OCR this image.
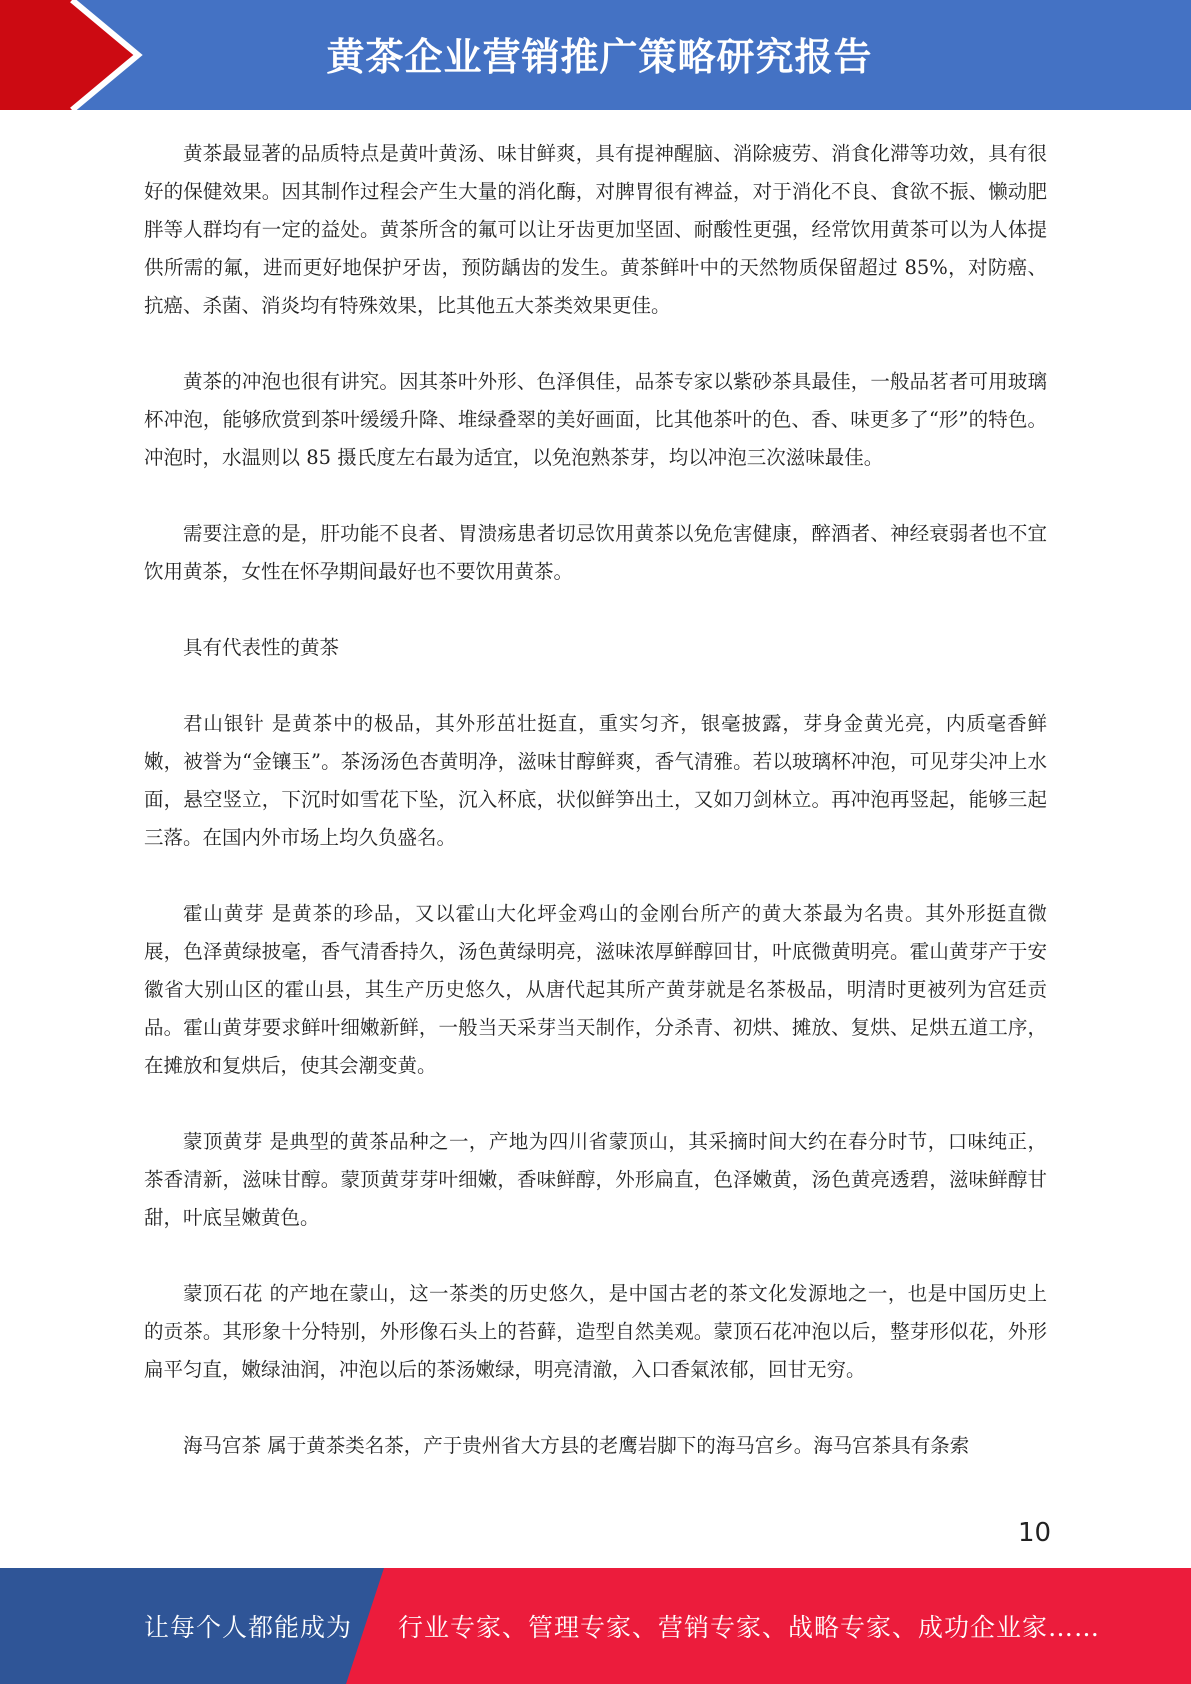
黄茶企业营销推广策略研究报告

黄茶最显著的品质特点是黄叶黄汤、味甘鲜爽，具有提神醒脑、消除疲劳、消食化滞等功效，具有很好的保健效果。因其制作过程会产生大量的消化酶，对脾胃很有裨益，对于消化不良、食欲不振、懒动肥胖等人群均有一定的益处。黄茶所含的氟可以让牙齿更加坚固、耐酸性更强，经常饮用黄茶可以为人体提供所需的氟，进而更好地保护牙齿，预防龋齿的发生。黄茶鲜叶中的天然物质保留超过 85%，对防癌、抗癌、杀菌、消炎均有特殊效果，比其他五大茶类效果更佳。

黄茶的冲泡也很有讲究。因其茶叶外形、色泽俱佳，品茶专家以紫砂茶具最佳，一般品茗者可用玻璃杯冲泡，能够欣赏到茶叶缓缓升降、堆绿叠翠的美好画面，比其他茶叶的色、香、味更多了“形”的特色。冲泡时，水温则以 85 摄氏度左右最为适宜，以免泡熟茶芽，均以冲泡三次滋味最佳。

需要注意的是，肝功能不良者、胃溃疡患者切忌饮用黄茶以免危害健康，醉酒者、神经衰弱者也不宜饮用黄茶，女性在怀孕期间最好也不要饮用黄茶。

具有代表性的黄茶

君山银针 是黄茶中的极品，其外形茁壮挺直，重实匀齐，银毫披露，芽身金黄光亮，内质毫香鲜嫩，被誉为“金镶玉”。茶汤汤色杏黄明净，滋味甘醇鲜爽，香气清雅。若以玻璃杯冲泡，可见芽尖冲上水面，悬空竖立，下沉时如雪花下坠，沉入杯底，状似鲜笋出土，又如刀剑林立。再冲泡再竖起，能够三起三落。在国内外市场上均久负盛名。

霍山黄芽 是黄茶的珍品，又以霍山大化坪金鸡山的金刚台所产的黄大茶最为名贵。其外形挺直微展，色泽黄绿披毫，香气清香持久，汤色黄绿明亮，滋味浓厚鲜醇回甘，叶底微黄明亮。霍山黄芽产于安徽省大别山区的霍山县，其生产历史悠久，从唐代起其所产黄芽就是名茶极品，明清时更被列为宫廷贡品。霍山黄芽要求鲜叶细嫩新鲜，一般当天采芽当天制作，分杀青、初烘、摊放、复烘、足烘五道工序，在摊放和复烘后，使其会潮变黄。

蒙顶黄芽 是典型的黄茶品种之一，产地为四川省蒙顶山，其采摘时间大约在春分时节，口味纯正，茶香清新，滋味甘醇。蒙顶黄芽芽叶细嫩，香味鲜醇，外形扁直，色泽嫩黄，汤色黄亮透碧，滋味鲜醇甘甜，叶底呈嫩黄色。

蒙顶石花 的产地在蒙山，这一茶类的历史悠久，是中国古老的茶文化发源地之一，也是中国历史上的贡茶。其形象十分特别，外形像石头上的苔藓，造型自然美观。蒙顶石花冲泡以后，整芽形似花，外形扁平匀直，嫩绿油润，冲泡以后的茶汤嫩绿，明亮清澈，入口香氣浓郁，回甘无穷。

海马宫茶 属于黄茶类名茶，产于贵州省大方县的老鹰岩脚下的海马宫乡。海马宫茶具有条索

10
让每个人都能成为 行业专家、管理专家、营销专家、战略专家、成功企业家……
